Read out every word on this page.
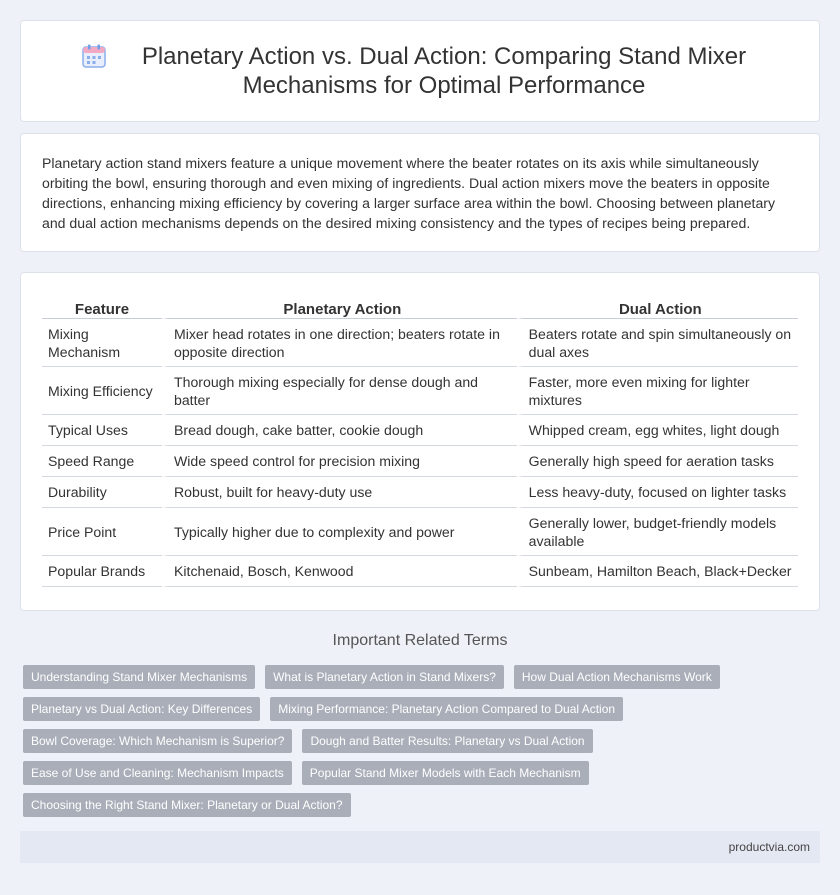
Planetary Action vs. Dual Action: Comparing Stand Mixer Mechanisms for Optimal Performance

Planetary action stand mixers feature a unique movement where the beater rotates on its axis while simultaneously orbiting the bowl, ensuring thorough and even mixing of ingredients. Dual action mixers move the beaters in opposite directions, enhancing mixing efficiency by covering a larger surface area within the bowl. Choosing between planetary and dual action mechanisms depends on the desired mixing consistency and the types of recipes being prepared.

Feature	Planetary Action	Dual Action
Mixing Mechanism	Mixer head rotates in one direction; beaters rotate in opposite direction	Beaters rotate and spin simultaneously on dual axes
Mixing Efficiency	Thorough mixing especially for dense dough and batter	Faster, more even mixing for lighter mixtures
Typical Uses	Bread dough, cake batter, cookie dough	Whipped cream, egg whites, light dough
Speed Range	Wide speed control for precision mixing	Generally high speed for aeration tasks
Durability	Robust, built for heavy-duty use	Less heavy-duty, focused on lighter tasks
Price Point	Typically higher due to complexity and power	Generally lower, budget-friendly models available
Popular Brands	Kitchenaid, Bosch, Kenwood	Sunbeam, Hamilton Beach, Black+Decker
Important Related Terms
Understanding Stand Mixer Mechanisms	What is Planetary Action in Stand Mixers?	How Dual Action Mechanisms Work
Planetary vs Dual Action: Key Differences	Mixing Performance: Planetary Action Compared to Dual Action
Bowl Coverage: Which Mechanism is Superior?	Dough and Batter Results: Planetary vs Dual Action
Ease of Use and Cleaning: Mechanism Impacts	Popular Stand Mixer Models with Each Mechanism
Choosing the Right Stand Mixer: Planetary or Dual Action?
productvia.com
